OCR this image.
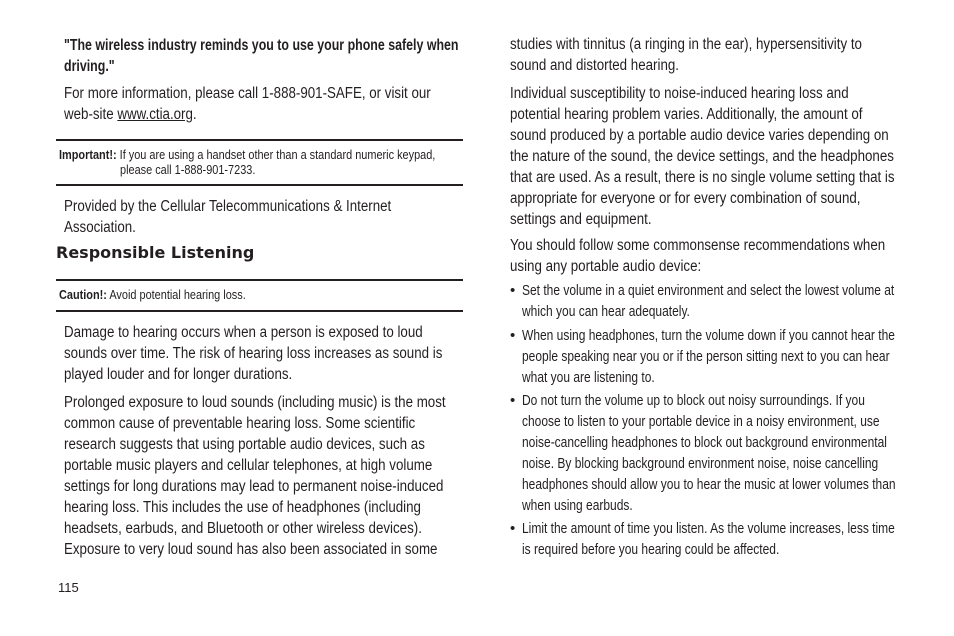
"The wireless industry reminds you to use your phone safely when
driving."
For more information, please call 1-888-901-SAFE, or visit our
web-site www.ctia.org.
Important!: If you are using a handset other than a standard numeric keypad,
please call 1-888-901-7233.
Provided by the Cellular Telecommunications & Internet
Association.
Responsible Listening
Caution!: Avoid potential hearing loss.
Damage to hearing occurs when a person is exposed to loud
sounds over time. The risk of hearing loss increases as sound is
played louder and for longer durations.
Prolonged exposure to loud sounds (including music) is the most
common cause of preventable hearing loss. Some scientific
research suggests that using portable audio devices, such as
portable music players and cellular telephones, at high volume
settings for long durations may lead to permanent noise-induced
hearing loss. This includes the use of headphones (including
headsets, earbuds, and Bluetooth or other wireless devices).
Exposure to very loud sound has also been associated in some
studies with tinnitus (a ringing in the ear), hypersensitivity to
sound and distorted hearing.
Individual susceptibility to noise-induced hearing loss and
potential hearing problem varies. Additionally, the amount of
sound produced by a portable audio device varies depending on
the nature of the sound, the device settings, and the headphones
that are used. As a result, there is no single volume setting that is
appropriate for everyone or for every combination of sound,
settings and equipment.
You should follow some commonsense recommendations when
using any portable audio device:
• Set the volume in a quiet environment and select the lowest volume at
which you can hear adequately.
• When using headphones, turn the volume down if you cannot hear the
people speaking near you or if the person sitting next to you can hear
what you are listening to.
• Do not turn the volume up to block out noisy surroundings. If you
choose to listen to your portable device in a noisy environment, use
noise-cancelling headphones to block out background environmental
noise. By blocking background environment noise, noise cancelling
headphones should allow you to hear the music at lower volumes than
when using earbuds.
• Limit the amount of time you listen. As the volume increases, less time
is required before you hearing could be affected.
115
